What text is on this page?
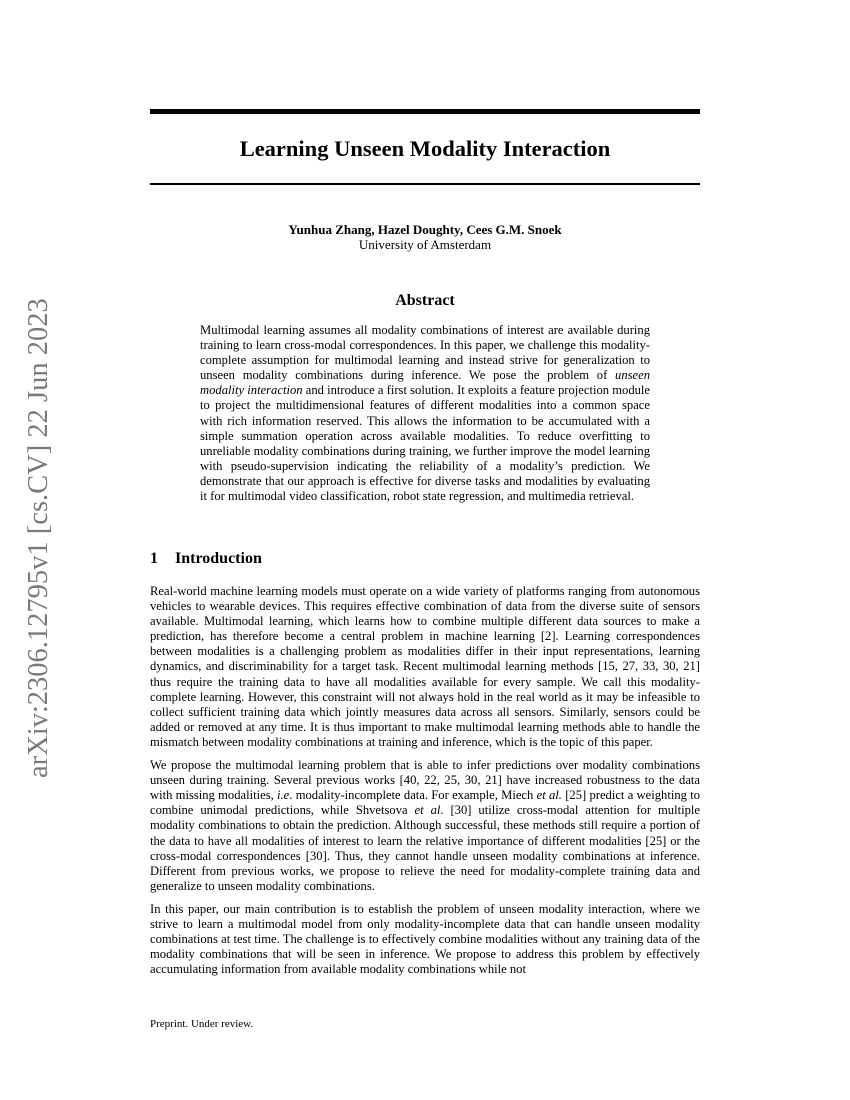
arXiv:2306.12795v1 [cs.CV] 22 Jun 2023
Learning Unseen Modality Interaction
Yunhua Zhang, Hazel Doughty, Cees G.M. Snoek
University of Amsterdam
Abstract

Multimodal learning assumes all modality combinations of interest are available during training to learn cross-modal correspondences. In this paper, we challenge this modality-complete assumption for multimodal learning and instead strive for generalization to unseen modality combinations during inference. We pose the problem of unseen modality interaction and introduce a first solution. It exploits a feature projection module to project the multidimensional features of different modalities into a common space with rich information reserved. This allows the information to be accumulated with a simple summation operation across available modalities. To reduce overfitting to unreliable modality combinations during training, we further improve the model learning with pseudo-supervision indicating the reliability of a modality’s prediction. We demonstrate that our approach is effective for diverse tasks and modalities by evaluating it for multimodal video classification, robot state regression, and multimedia retrieval.

1 Introduction

Real-world machine learning models must operate on a wide variety of platforms ranging from autonomous vehicles to wearable devices. This requires effective combination of data from the diverse suite of sensors available. Multimodal learning, which learns how to combine multiple different data sources to make a prediction, has therefore become a central problem in machine learning [2]. Learning correspondences between modalities is a challenging problem as modalities differ in their input representations, learning dynamics, and discriminability for a target task. Recent multimodal learning methods [15, 27, 33, 30, 21] thus require the training data to have all modalities available for every sample. We call this modality-complete learning. However, this constraint will not always hold in the real world as it may be infeasible to collect sufficient training data which jointly measures data across all sensors. Similarly, sensors could be added or removed at any time. It is thus important to make multimodal learning methods able to handle the mismatch between modality combinations at training and inference, which is the topic of this paper.

We propose the multimodal learning problem that is able to infer predictions over modality combinations unseen during training. Several previous works [40, 22, 25, 30, 21] have increased robustness to the data with missing modalities, i.e. modality-incomplete data. For example, Miech et al. [25] predict a weighting to combine unimodal predictions, while Shvetsova et al. [30] utilize cross-modal attention for multiple modality combinations to obtain the prediction. Although successful, these methods still require a portion of the data to have all modalities of interest to learn the relative importance of different modalities [25] or the cross-modal correspondences [30]. Thus, they cannot handle unseen modality combinations at inference. Different from previous works, we propose to relieve the need for modality-complete training data and generalize to unseen modality combinations.

In this paper, our main contribution is to establish the problem of unseen modality interaction, where we strive to learn a multimodal model from only modality-incomplete data that can handle unseen modality combinations at test time. The challenge is to effectively combine modalities without any training data of the modality combinations that will be seen in inference. We propose to address this problem by effectively accumulating information from available modality combinations while not

Preprint. Under review.
